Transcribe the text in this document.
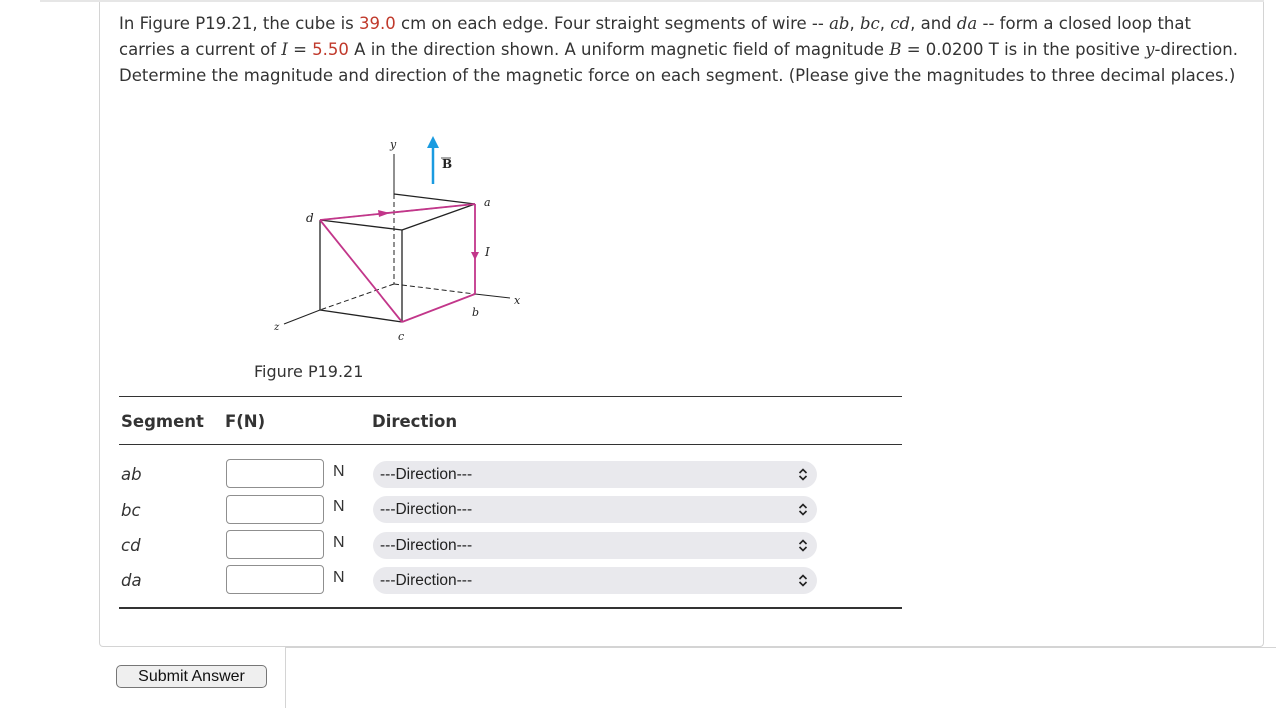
In Figure P19.21, the cube is 39.0 cm on each edge. Four straight segments of wire -- ab, bc, cd, and da -- form a closed loop that carries a current of I = 5.50 A in the direction shown. A uniform magnetic field of magnitude B = 0.0200 T is in the positive y-direction. Determine the magnitude and direction of the magnetic force on each segment. (Please give the magnitudes to three decimal places.)

y
B
a
d
I
x
z
b
c
Figure P19.21
Segment F(N)	Direction
ab	N	---Direction---
bc	N	---Direction---
cd	N	---Direction---
da	N	---Direction---
Submit Answer
